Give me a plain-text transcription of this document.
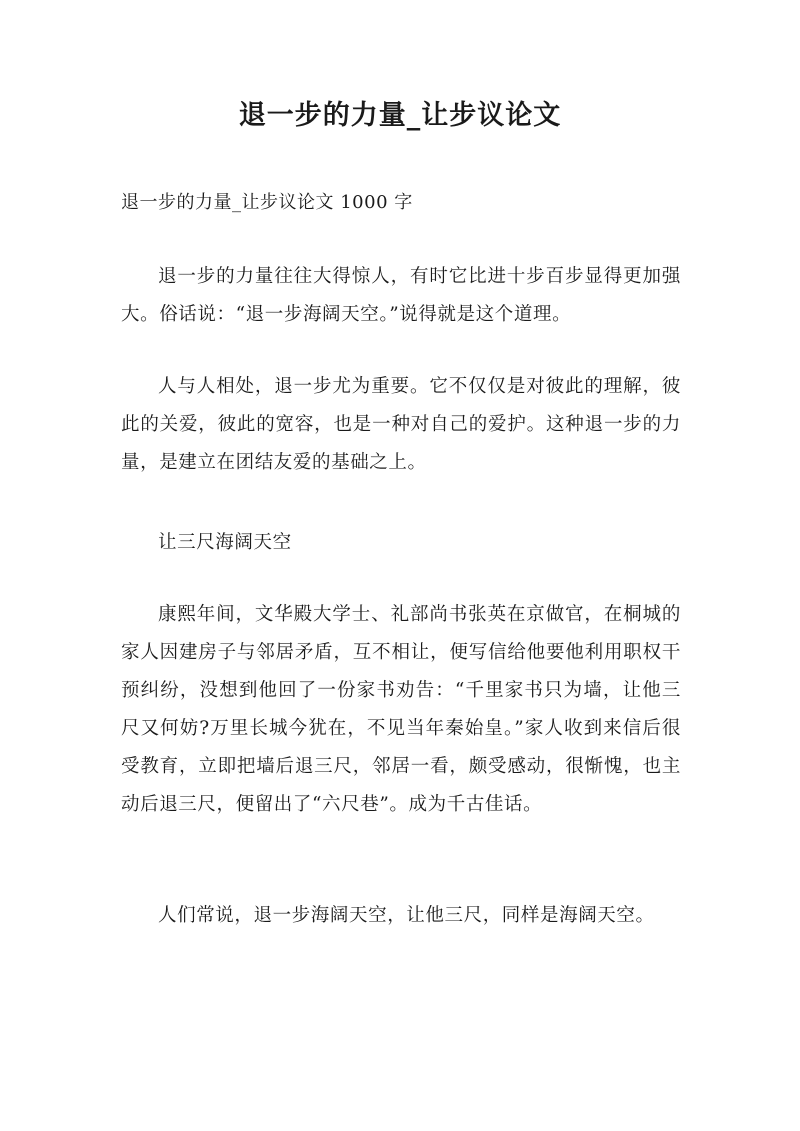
退一步的力量_让步议论文

退一步的力量_让步议论文 1000 字

退一步的力量往往大得惊人，有时它比进十步百步显得更加强大。俗话说：“退一步海阔天空。”说得就是这个道理。

人与人相处，退一步尤为重要。它不仅仅是对彼此的理解，彼此的关爱，彼此的宽容，也是一种对自己的爱护。这种退一步的力量，是建立在团结友爱的基础之上。

让三尺海阔天空

康熙年间，文华殿大学士、礼部尚书张英在京做官，在桐城的家人因建房子与邻居矛盾，互不相让，便写信给他要他利用职权干预纠纷，没想到他回了一份家书劝告：“千里家书只为墙，让他三尺又何妨?万里长城今犹在，不见当年秦始皇。”家人收到来信后很受教育，立即把墙后退三尺，邻居一看，颇受感动，很惭愧，也主动后退三尺，便留出了“六尺巷”。成为千古佳话。

人们常说，退一步海阔天空，让他三尺，同样是海阔天空。
